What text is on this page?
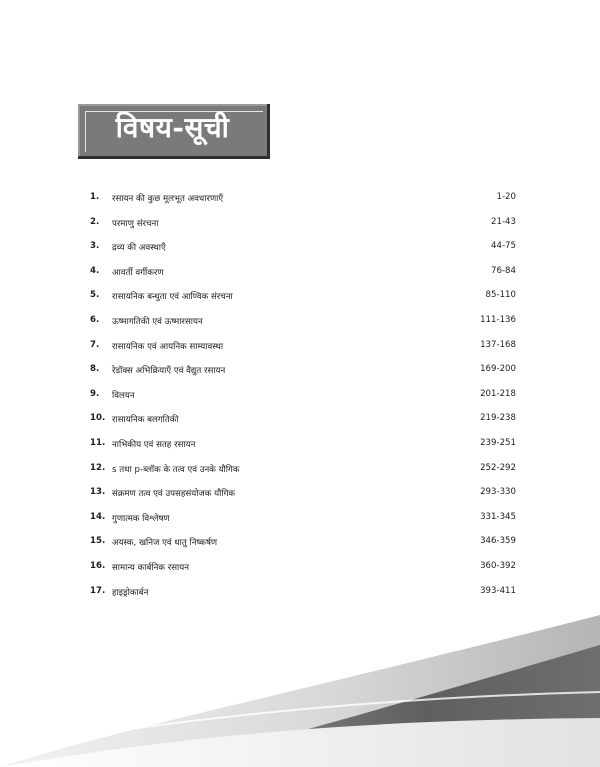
विषय-सूची
1.	रसायन की कुछ मूलभूत अवधारणाएँ	1-20
2.	परमाणु संरचना	21-43
3.	द्रव्य की अवस्थाएँ	44-75
4.	आवर्ती वर्गीकरण	76-84
5.	रासायनिक बन्धुता एवं आण्विक संरचना	85-110
6.	ऊष्मागतिकी एवं ऊष्मारसायन	111-136
7.	रासायनिक एवं आयनिक साम्यावस्था	137-168
8.	रेडॉक्स अभिक्रियाएँ एवं वैद्युत रसायन	169-200
9.	विलयन	201-218
10. रासायनिक बलगतिकी	219-238
11. नाभिकीय एवं सतह रसायन	239-251
12. s तथा p-ब्लॉक के तत्व एवं उनके यौगिक	252-292
13. संक्रमण तत्व एवं उपसहसंयोजक यौगिक	293-330
14. गुणात्मक विश्लेषण	331-345
15. अयस्क, खनिज एवं धातु निष्कर्षण	346-359
16. सामान्य कार्बनिक रसायन	360-392
17. हाइड्रोकार्बन	393-411
